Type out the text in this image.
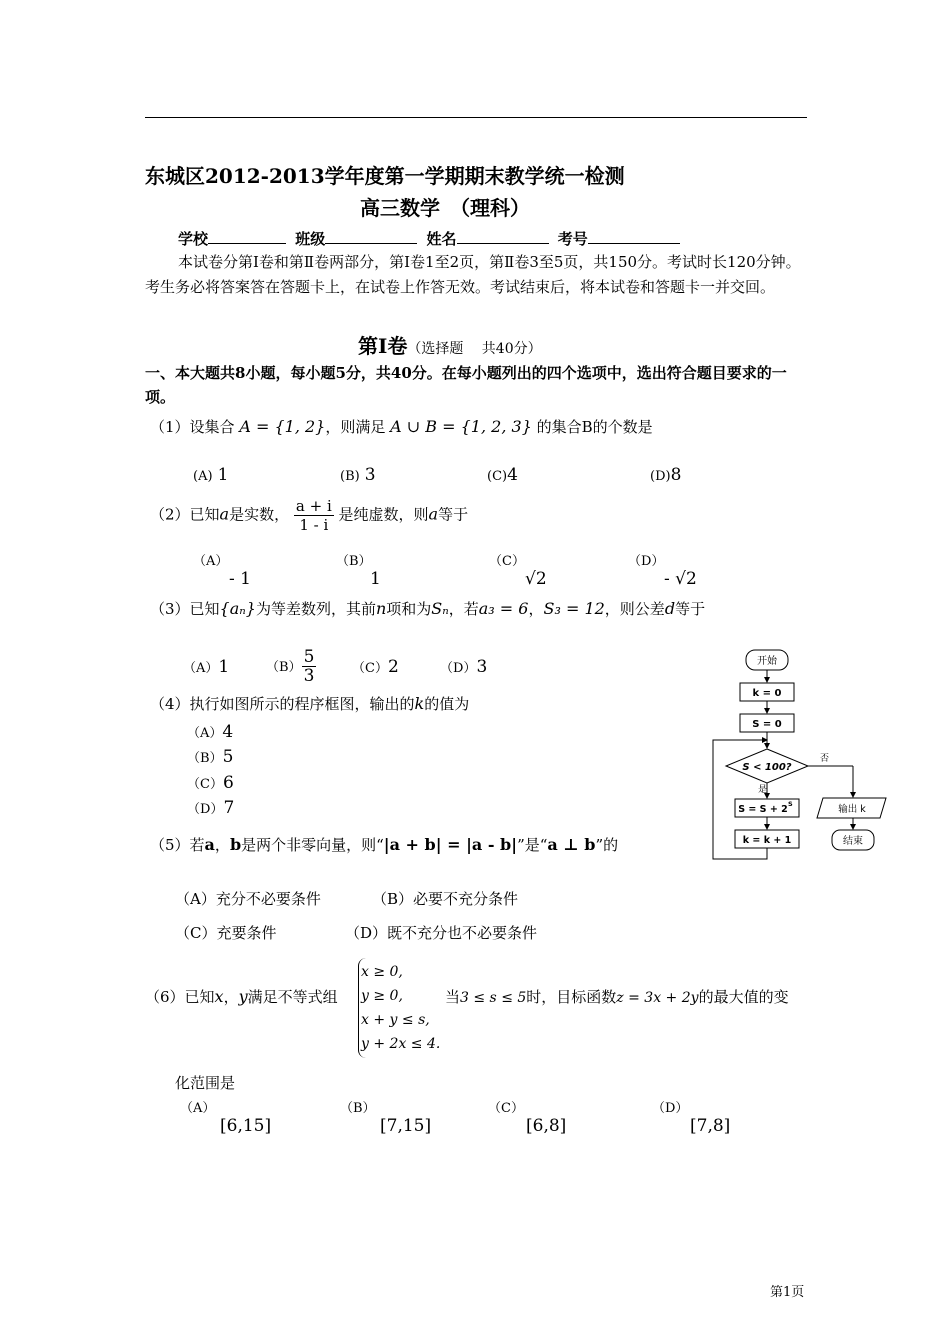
东城区2012-2013学年度第一学期期末教学统一检测
高三数学　（理科）
学校	班级	姓名	考号
本试卷分第Ⅰ卷和第Ⅱ卷两部分，第Ⅰ卷1至2页，第Ⅱ卷3至5页，共150分。考试时长120分钟。考生务必将答案答在答题卡上，在试卷上作答无效。考试结束后，将本试卷和答题卡一并交回。
第Ⅰ卷（选择题　 共40分）
一、本大题共8小题，每小题5分，共40分。在每小题列出的四个选项中，选出符合题目要求的一项。
（1）设集合 A = {1, 2}，则满足 A ∪ B = {1, 2, 3} 的集合B的个数是
(A) 1	(B) 3	(C)4	(D)8
（2）已知a是实数， $\frac{a + i}{1 - i}$ 是纯虚数，则a等于
（A）
- 1
（B）
1
（C）
√2
（D）
- √2
（3）已知{aₙ}为等差数列，其前n项和为Sₙ，若a₃ = 6，S₃ = 12，则公差d等于
（A）1	$(B) \frac{5}{3}$	（C）2	（D）3
（4）执行如图所示的程序框图，输出的k的值为
（A）4
（B）5
（C）6
（D）7
开始
k = 0
S = 0
S < 100?
否
是
S = S + 2 S
k = k + 1
输出 k
结束
（5）若a，b是两个非零向量，则“|a + b| = |a - b|”是“a ⊥ b”的
（A）充分不必要条件	（B）必要不充分条件
（C）充要条件	（D）既不充分也不必要条件
（6）已知x，y满足不等式组
x ≥ 0,
y ≥ 0,
x + y ≤ s,
y + 2x ≤ 4.
当3 ≤ s ≤ 5时，目标函数z = 3x + 2y的最大值的变
化范围是
（A）
[6,15]
（B）
[7,15]
（C）
[6,8]
（D）
[7,8]
第1页
